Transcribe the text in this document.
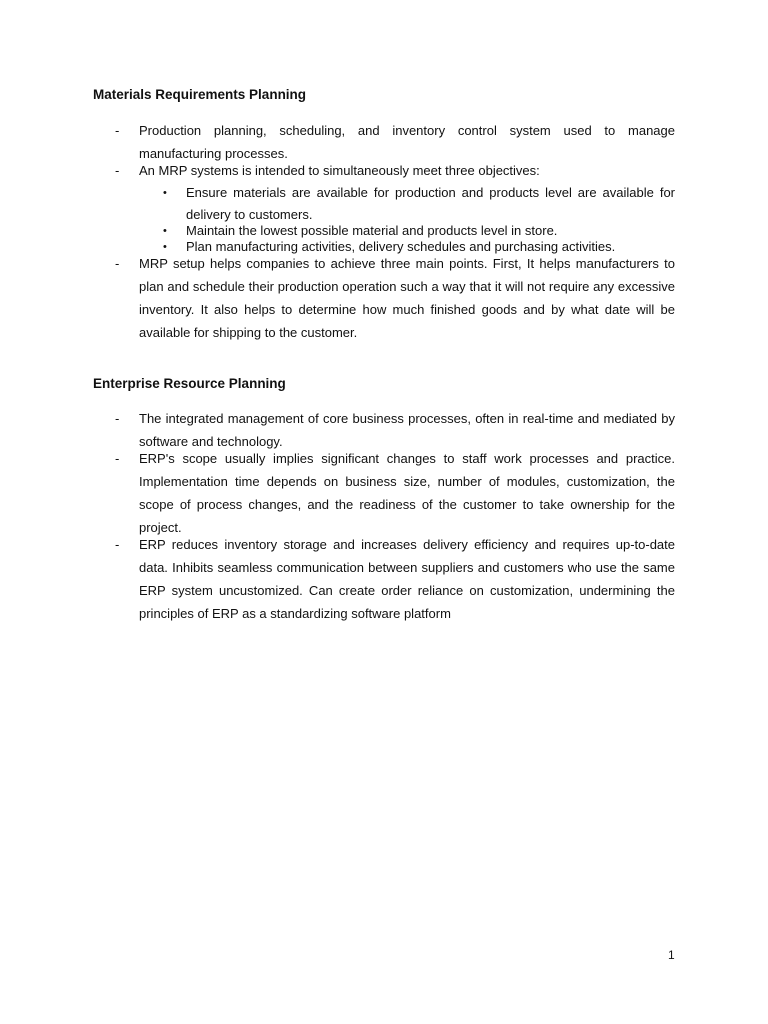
Materials Requirements Planning

- Production planning, scheduling, and inventory control system used to manage manufacturing processes.
- An MRP systems is intended to simultaneously meet three objectives:
• Ensure materials are available for production and products level are available for delivery to customers.
• Maintain the lowest possible material and products level in store.
• Plan manufacturing activities, delivery schedules and purchasing activities.
- MRP setup helps companies to achieve three main points. First, It helps manufacturers to plan and schedule their production operation such a way that it will not require any excessive inventory. It also helps to determine how much finished goods and by what date will be available for shipping to the customer.

Enterprise Resource Planning

- The integrated management of core business processes, often in real-time and mediated by software and technology.
- ERP's scope usually implies significant changes to staff work processes and practice. Implementation time depends on business size, number of modules, customization, the scope of process changes, and the readiness of the customer to take ownership for the project.
- ERP reduces inventory storage and increases delivery efficiency and requires up-to-date data. Inhibits seamless communication between suppliers and customers who use the same ERP system uncustomized. Can create order reliance on customization, undermining the principles of ERP as a standardizing software platform
1
